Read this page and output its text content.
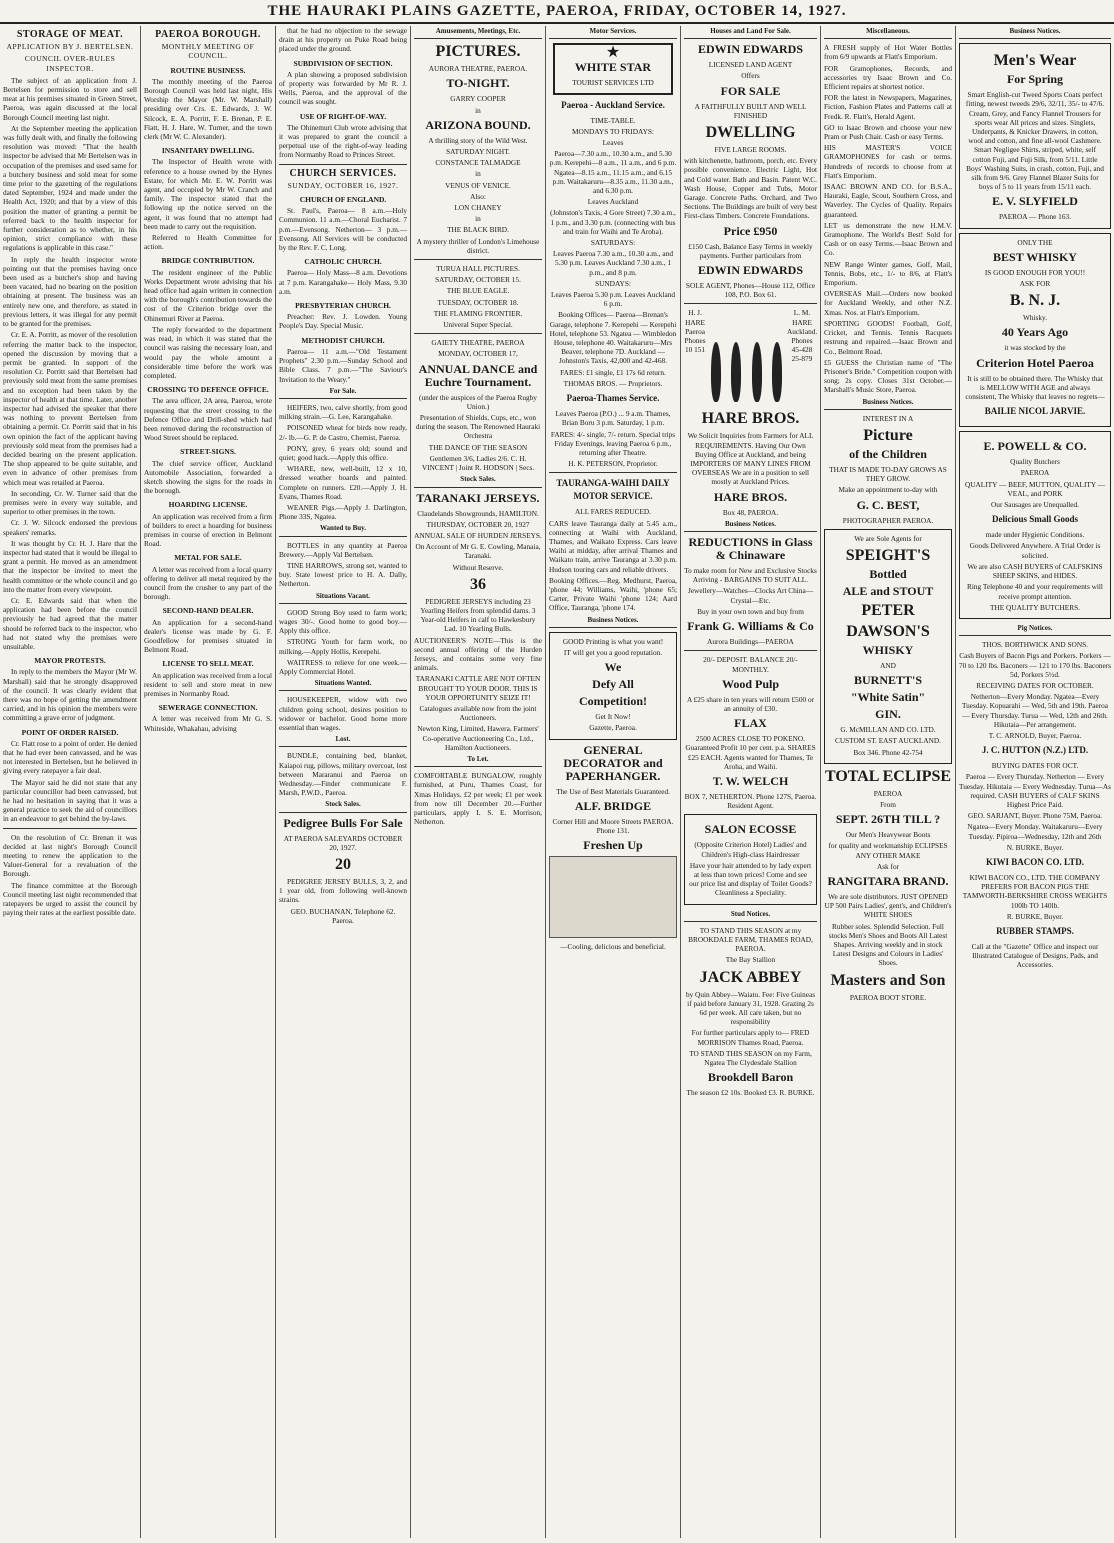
THE HAURAKI PLAINS GAZETTE, PAEROA, FRIDAY, OCTOBER 14, 1927.
STORAGE OF MEAT.
APPLICATION BY J. BERTELSEN.
COUNCIL OVER-RULES INSPECTOR.

The subject of an application from J. Bertelsen for permission to store and sell meat at his premises situated in Green Street, Paeroa, was again discussed at the local Borough Council meeting last night.

At the September meeting the application was fully dealt with, and finally the following resolution was moved: "That the health inspector be advised that Mr Bertelsen was in occupation of the premises and used same for a butchery business and sold meat for some time prior to the gazetting of the regulations dated September, 1924 and made under the Health Act, 1920; and that by a view of this position the matter of granting a permit be referred back to the health inspector for further consideration as to whether, in his opinion, strict compliance with these regulations is applicable in this case."

In reply the health inspector wrote pointing out that the premises having once been used as a butcher's shop and having been vacated, had no bearing on the position obtaining at present. The business was an entirely new one, and therefore, as stated in previous letters, it was illegal for any permit to be granted for the premises.

Cr. E. A. Porritt, as mover of the resolution referring the matter back to the inspector, opened the discussion by moving that a permit be granted. In support of the resolution Cr. Porritt said that Bertelsen had previously sold meat from the same premises and no exception had been taken by the inspector of health at that time. Later, another inspector had advised the speaker that there was nothing to prevent Bertelsen from obtaining a permit. Cr. Porritt said that in his own opinion the fact of the applicant having previously sold meat from the premises had a decided bearing on the present application. The shop appeared to be quite suitable, and even in advance of other premises from which meat was retailed at Paeroa.

In seconding, Cr. W. Turner said that the premises were in every way suitable, and superior to other premises in the town.

Cr. J. W. Silcock endorsed the previous speakers' remarks.

It was thought by Cr. H. J. Hare that the inspector had stated that it would be illegal to grant a permit. He moved as an amendment that the inspector be invited to meet the health committee or the whole council and go into the matter from every viewpoint.

Cr. E. Edwards said that when the application had been before the council previously he had agreed that the matter should be referred back to the inspector, who had not stated why the premises were unsuitable.

MAYOR PROTESTS.

In reply to the members the Mayor (Mr W. Marshall) said that he strongly disapproved of the council. It was clearly evident that there was no hope of getting the amendment carried, and in his opinion the members were committing a grave error of judgment.

POINT OF ORDER RAISED.

Cr. Flatt rose to a point of order. He denied that he had ever been canvassed, and he was not interested in Bertelsen, but he believed in giving every ratepayer a fair deal.

The Mayor said he did not state that any particular councillor had been canvassed, but he had no hesitation in saying that it was a general practice to seek the aid of councillors in an endeavour to get behind the by-laws.

On the resolution of Cr. Brenan it was decided at last night's Borough Council meeting to renew the application to the Valuer-General for a revaluation of the Borough.

The finance committee at the Borough Council meeting last night recommended that ratepayers be urged to assist the council by paying their rates at the earliest possible date.

PAEROA BOROUGH.
MONTHLY MEETING OF COUNCIL.
ROUTINE BUSINESS.

The monthly meeting of the Paeroa Borough Council was held last night, His Worship the Mayor (Mr. W. Marshall) presiding over Crs. E. Edwards, J. W. Silcock, E. A. Porritt, F. E. Brenan, P. E. Flatt, H. J. Hare, W. Turner, and the town clerk (Mr W. C. Alexander).

INSANITARY DWELLING.

The Inspector of Health wrote with reference to a house owned by the Hynes Estate, for which Mr. E. W. Porritt was agent, and occupied by Mr W. Cranch and family. The inspector stated that the following up the notice served on the agent, it was found that no attempt had been made to carry out the requisition.

Referred to Health Committee for action.

BRIDGE CONTRIBUTION.

The resident engineer of the Public Works Department wrote advising that his head office had again written in connection with the borough's contribution towards the cost of the Criterion bridge over the Ohinemuri River at Paeroa.

The reply forwarded to the department was read, in which it was stated that the council was raising the necessary loan, and would pay the whole amount a considerable time before the work was completed.

CROSSING TO DEFENCE OFFICE.

The area officer, 2A area, Paeroa, wrote requesting that the street crossing to the Defence Office and Drill-shed which had been removed during the reconstruction of Wood Street should be replaced.

STREET-SIGNS.

The chief service officer, Auckland Automobile Association, forwarded a sketch showing the signs for the roads in the borough.

HOARDING LICENSE.

An application was received from a firm of builders to erect a hoarding for business premises in course of erection in Belmont Road.

METAL FOR SALE.

A letter was received from a local quarry offering to deliver all metal required by the council from the crusher to any part of the borough.

SECOND-HAND DEALER.

An application for a second-hand dealer's license was made by G. F. Goodfellow for premises situated in Belmont Road.

LICENSE TO SELL MEAT.

An application was received from a local resident to sell and store meat in new premises in Normanby Road.

SEWERAGE CONNECTION.

A letter was received from Mr G. S. Whiteside, Whakahau, advising

that he had no objection to the sewage drain at his property on Puke Road being placed under the ground.

SUBDIVISION OF SECTION.

A plan showing a proposed subdivision of property was forwarded by Mr R. J. Wells, Paeroa, and the approval of the council was sought.

USE OF RIGHT-OF-WAY.

The Ohinemuri Club wrote advising that it was prepared to grant the council a perpetual use of the right-of-way leading from Normanby Road to Princes Street.

CHURCH SERVICES.
SUNDAY, OCTOBER 16, 1927.
CHURCH OF ENGLAND.

St. Paul's, Paeroa— 8 a.m.—Holy Communion. 11 a.m.—Choral Eucharist. 7 p.m.—Evensong. Netherton— 3 p.m.—Evensong. All Services will be conducted by the Rev. F. C. Long.

CATHOLIC CHURCH.

Paeroa— Holy Mass—8 a.m. Devotions at 7 p.m. Karangahake— Holy Mass, 9.30 a.m.

PRESBYTERIAN CHURCH.

Preacher: Rev. J. Lowden. Young People's Day. Special Music.

METHODIST CHURCH.

Paeroa— 11 a.m.—"Old Testament Prophets" 2.30 p.m.—Sunday School and Bible Class. 7 p.m.—"The Saviour's Invitation to the Weary."

For Sale.

HEIFERS, two, calve shortly, from good milking strain.—G. Lee, Karangahake.

POISONED wheat for birds now ready, 2/- lb.—G. P. de Castro, Chemist, Paeroa.

PONY, grey, 6 years old; sound and quiet; good hack.—Apply this office.

WHARE, new, well-built, 12 x 10, dressed weather boards and painted. Complete on runners. £20.—Apply J. H. Evans, Thames Road.

WEANER Pigs.—Apply J. Darlington, Phone 33S, Ngatea.

Wanted to Buy.

BOTTLES in any quantity at Paeroa Brewery.—Apply Val Bertelsen.

TINE HARROWS, strong set, wanted to buy. State lowest price to H. A. Dally, Netherton.

Situations Vacant.

GOOD Strong Boy used to farm work; wages 30/-. Good home to good boy.—Apply this office.

STRONG Youth for farm work, no milking.—Apply Hollis, Kerepehi.

WAITRESS to relieve for one week.—Apply Commercial Hotel.

Situations Wanted.

HOUSEKEEPER, widow with two children going school, desires position to widower or bachelor. Good home more essential than wages.

Lost.

BUNDLE, containing bed, blanket, Kaiapoi rug, pillows, military overcoat, lost between Mararanui and Paeroa on Wednesday.—Finder communicate F. Marsh, P.W.D., Paeroa.

Stock Sales.
Pedigree Bulls For Sale

AT PAEROA SALEYARDS OCTOBER 20, 1927.

20

PEDIGREE JERSEY BULLS, 3, 2, and 1 year old, from following well-known strains.

GEO. BUCHANAN, Telephone 62. Paeroa.

Amusements, Meetings, Etc.
PICTURES.

AURORA THEATRE, PAEROA.

TO-NIGHT.

GARRY COOPER

in

ARIZONA BOUND.

A thrilling story of the Wild West.

SATURDAY NIGHT.

CONSTANCE TALMADGE

in

VENUS OF VENICE.

Also:

LON CHANEY

in

THE BLACK BIRD.

A mystery thriller of London's Limehouse district.

TURUA HALL PICTURES.

SATURDAY, OCTOBER 15.

THE BLUE EAGLE.

TUESDAY, OCTOBER 18.

THE FLAMING FRONTIER.

Univeral Super Special.

GAIETY THEATRE, PAEROA

MONDAY, OCTOBER 17,

ANNUAL DANCE and Euchre Tournament.

(under the auspices of the Paeroa Rugby Union.)

Presentation of Shields, Cups, etc., won during the season. The Renowned Hauraki Orchestra

THE DANCE OF THE SEASON

Gentlemen 3/6, Ladies 2/6. C. H. VINCENT | Joint R. HODSON | Secs.

Stock Sales.
TARANAKI JERSEYS.

Claudelands Showgrounds, HAMILTON.

THURSDAY, OCTOBER 20, 1927

ANNUAL SALE OF HURDEN JERSEYS.

On Account of Mr G. E. Cowling, Manaia, Taranaki.

Without Reserve.

36

PEDIGREE JERSEYS including 23 Yearling Heifers from splendid dams. 3 Year-old Heifers in calf to Hawkesbury Lad. 10 Yearling Bulls.

AUCTIONEER'S NOTE—This is the second annual offering of the Hurden Jerseys, and contains some very fine animals.

TARANAKI CATTLE ARE NOT OFTEN BROUGHT TO YOUR DOOR. THIS IS YOUR OPPORTUNITY SEIZE IT!

Catalogues available now from the joint Auctioneers.

Newton King, Limited, Hawera. Farmers' Co-operative Auctioneering Co., Ltd., Hamilton Auctioneers.

To Let.

COMFORTABLE BUNGALOW, roughly furnished, at Puru, Thames Coast, for Xmas Holidays. £2 per week; £1 per week from now till December 20.—Further particulars, apply I. S. E. Morrison, Netherton.

Motor Services.
★
WHITE STAR

TOURIST SERVICES LTD

Paeroa - Auckland Service.

TIME-TABLE.

MONDAYS TO FRIDAYS:

Leaves

Paeroa—7.30 a.m., 10.30 a.m., and 5.30 p.m. Kerepehi—8 a.m., 11 a.m., and 6 p.m. Ngatea—8.15 a.m., 11.15 a.m., and 6.15 p.m. Waitakaruru—8.35 a.m., 11.30 a.m., and 6.30 p.m.

Leaves Auckland

(Johnston's Taxis, 4 Gore Street) 7.30 a.m., 1 p.m., and 3.30 p.m. (connecting with bus and train for Waihi and Te Aroha).

SATURDAYS:

Leaves Paeroa 7.30 a.m., 10.30 a.m., and 5.30 p.m. Leaves Auckland 7.30 a.m., 1 p.m., and 8 p.m.

SUNDAYS:

Leaves Paeroa 5.30 p.m. Leaves Auckland 6 p.m.

Booking Offices— Paeroa—Brenan's Garage, telephone 7. Kerepehi — Kerepehi Hotel, telephone 53. Ngatea — Wimbledon House, telephone 40. Waitakaruru—Mrs Beaver, telephone 7D. Auckland — Johnston's Taxis, 42,000 and 42-468.

FARES: £1 single, £1 17s 6d return.

THOMAS BROS. — Proprietors.

Paeroa-Thames Service.

Leaves Paeroa (P.O.) ... 9 a.m. Thames, Brian Boru 3 p.m. Saturday, 1 p.m.

FARES: 4/- single, 7/- return. Special trips Friday Evenings, leaving Paeroa 6 p.m., returning after Theatre.

H. K. PETERSON, Proprietor.

TAURANGA-WAIHI DAILY MOTOR SERVICE.

ALL FARES REDUCED.

CARS leave Tauranga daily at 5.45 a.m., connecting at Waihi with Auckland, Thames, and Waikato Express. Cars leave Waihi at midday, after arrival Thames and Waikato train, arrive Tauranga at 3.30 p.m. Hudson touring cars and reliable drivers.

Booking Offices.—Reg. Medhurst, Paeroa, 'phone 44; Williams, Waihi, 'phone 65; Carter, Private Waihi 'phone 124; Aard Office, Tauranga, 'phone 174.

Business Notices.

GOOD Printing is what you want!

IT will get you a good reputation.

We
Defy All
Competition!

Get It Now!

Gazette, Paeroa.

GENERAL DECORATOR and PAPERHANGER.

The Use of Best Materials Guaranteed.

ALF. BRIDGE

Corner Hill and Moore Streets PAEROA. Phone 131.

Freshen Up

—Cooling, delicious and beneficial.

Houses and Land For Sale.
EDWIN EDWARDS

LICENSED LAND AGENT

Offers

FOR SALE

A FAITHFULLY BUILT AND WELL FINISHED

DWELLING

FIVE LARGE ROOMS.

with kitchenette, bathroom, porch, etc. Every possible convenience. Electric Light, Hot and Cold water. Bath and Basin. Patent W.C. Wash House, Copper and Tubs, Motor Garage. Concrete Paths. Orchard, and Two Sections. The Buildings are built of very best First-class Timbers. Concrete Foundations.

Price £950

£150 Cash, Balance Easy Terms in weekly payments. Further particulars from

EDWIN EDWARDS

SOLE AGENT, Phones—House 112, Office 108, P.O. Box 61.

H. J. HARE Paeroa Phones 10 151

L. M. HARE Auckland. Phones 45-428 25-879

HARE BROS.

We Solicit Inquiries from Farmers for ALL REQUIREMENTS. Having Our Own Buying Office at Auckland, and being IMPORTERS OF MANY LINES FROM OVERSEAS We are in a position to sell mostly at Auckland Prices.

HARE BROS.

Box 48, PAEROA.

Business Notices.
REDUCTIONS in Glass & Chinaware

To make room for New and Exclusive Stocks Arriving - BARGAINS TO SUIT ALL.

Jewellery—Watches—Clocks Art China—Crystal—Etc.

Buy in your own town and buy from

Frank G. Williams & Co

Aurora Buildings—PAEROA

20/- DEPOSIT. BALANCE 20/- MONTHLY.

Wood Pulp

A £25 share in ten years will return £500 or an annuity of £30.

FLAX

2500 ACRES CLOSE TO POKENO. Guaranteed Profit 10 per cent. p.a. SHARES £25 EACH. Agents wanted for Thames, Te Aroha, and Waihi.

T. W. WELCH

BOX 7, NETHERTON. Phone 127S, Paeroa. Resident Agent.

SALON ECOSSE

(Opposite Criterion Hotel) Ladies' and Children's High-class Hairdresser

Have your hair attended to by lady expert at less than town prices! Come and see our price list and display of Toilet Goods? Cleanliness a Speciality.

Stud Notices.

TO STAND THIS SEASON at my BROOKDALE FARM, THAMES ROAD, PAEROA.

The Bay Stallion

JACK ABBEY

by Quin Abbey—Waiatu. Fee: Five Guineas if paid before January 31, 1928. Grazing 2s 6d per week. All care taken, but no responsibility

For further particulars apply to— FRED MORRISON Thames Road, Paeroa.

TO STAND THIS SEASON on my Farm, Ngatea The Clydesdale Stallion

Brookdell Baron

The season £2 10s. Booked £3. R. BURKE.

Miscellaneous.

A FRESH supply of Hot Water Bottles from 6/9 upwards at Flatt's Emporium.

FOR Gramophones, Records, and accessories try Isaac Brown and Co. Efficient repairs at shortest notice.

FOR the latest in Newspapers, Magazines, Fiction, Fashion Plates and Patterns call at Fredk. R. Flatt's, Herald Agent.

GO to Isaac Brown and choose your new Pram or Push Chair. Cash or easy Terms.

HIS MASTER'S VOICE GRAMOPHONES for cash or terms. Hundreds of records to choose from at Flatt's Emporium.

ISAAC BROWN AND CO. for B.S.A., Hauraki, Eagle, Scout, Southern Cross, and Waverley. The Cycles of Quality. Repairs guaranteed.

LET us demonstrate the new H.M.V. Gramophone. The World's Best! Sold for Cash or on easy Terms.—Isaac Brown and Co.

NEW Range Winter games, Golf, Mail, Tennis, Bobs, etc., 1/- to 8/6, at Flatt's Emporium.

OVERSEAS Mail.—Orders now booked for Auckland Weekly, and other N.Z. Xmas. Nos. at Flatt's Emporium.

SPORTING GOODS! Football, Golf, Cricket, and Tennis. Tennis Racquets restrung and repaired.—Isaac Brown and Co., Belmont Road.

£5 GUESS the Christian name of "The Prisoner's Bride." Competition coupon with song; 2s copy. Closes 31st October.—Marshall's Music Store, Paeroa.

Business Notices.

INTEREST IN A

Picture
of the Children

THAT IS MADE TO-DAY GROWS AS THEY GROW.

Make an appointment to-day with

G. C. BEST,

PHOTOGRAPHER PAEROA.

We are Sole Agents for

SPEIGHT'S
Bottled
ALE and STOUT
PETER
DAWSON'S
WHISKY

AND

BURNETT'S
"White Satin"
GIN.

G. McMILLAN AND CO. LTD.

CUSTOM ST. EAST AUCKLAND.

Box 346. Phone 42-754

TOTAL ECLIPSE

PAEROA

From

SEPT. 26TH TILL ?

Our Men's Heavywear Boots

for quality and workmanship ECLIPSES ANY OTHER MAKE

Ask for

RANGITARA BRAND.

We are sole distributors. JUST OPENED UP 500 Pairs Ladies', gent's, and Children's WHITE SHOES

Rubber soles. Splendid Selection. Full stocks Men's Shoes and Boots All Latest Shapes. Arriving weekly and in stock Latest Designs and Colours in Ladies' Shoes.

Masters and Son

PAEROA BOOT STORE.

Business Notices.
Men's Wear
For Spring

Smart English-cut Tweed Sports Coats perfect fitting, newest tweeds 29/6, 32/11, 35/- to 47/6. Cream, Grey, and Fancy Flannel Trousers for sports wear All prices and sizes. Singlets, Underpants, & Knicker Drawers, in cotton, wool and cotton, and fine all-wool Cashmere. Smart Negligee Shirts, striped, white, self cotton Fuji, and Fuji Silk, from 5/11. Little Boys' Washing Suits, in crash, cotton, Fuji, and silk from 9/6. Grey Flannel Blazer Suits for boys of 5 to 11 years from 15/11 each.

E. V. SLYFIELD

PAEROA — Phone 163.

ONLY THE

BEST WHISKY

IS GOOD ENOUGH FOR YOU!!

ASK FOR

B. N. J.

Whisky.

40 Years Ago

it was stocked by the

Criterion Hotel Paeroa

It is still to be obtained there. The Whisky that is MELLOW WITH AGE and always consistent, The Whisky that leaves no regrets—

BAILIE NICOL JARVIE.
E. POWELL & CO.

Quality Butchers

PAEROA

QUALITY — BEEF, MUTTON, QUALITY — VEAL, and PORK

Our Sausages are Unequalled.

Delicious Small Goods

made under Hygienic Conditions.

Goods Delivered Anywhere. A Trial Order is solicited.

We are also CASH BUYERS of CALFSKINS SHEEP SKINS, and HIDES.

Ring Telephone 40 and your requirements will receive prompt attention.

THE QUALITY BUTCHERS.

Pig Notices.

THOS. BORTHWICK AND SONS.

Cash Buyers of Bacon Pigs and Porkers. Porkers — 70 to 120 lbs. Baconers — 121 to 170 lbs. Baconers 5d, Porkers 5½d.

RECEIVING DATES FOR OCTOBER.

Netherton—Every Monday. Ngatea—Every Tuesday. Kopuarahi — Wed, 5th and 19th. Paeroa — Every Thursday. Turua — Wed, 12th and 26th. Hikutaia—Per arrangement.

T. C. ARNOLD, Buyer, Paeroa.

J. C. HUTTON (N.Z.) LTD.

BUYING DATES FOR OCT.

Paeroa — Every Thursday. Netherton — Every Tuesday. Hikutaia — Every Wednesday. Turua—As required. CASH BUYERS of CALF SKINS Highest Price Paid.

GEO. SARJANT, Buyer. Phone 75M, Paeroa.

Ngatea—Every Monday. Waitakaruru—Every Tuesday. Pipiroa—Wednesday, 12th and 26th

N. BURKE, Buyer.

KIWI BACON CO. LTD.

KIWI BACON CO., LTD. THE COMPANY PREFERS FOR BACON PIGS THE TAMWORTH-BERKSHIRE CROSS WEIGHTS 100lb TO 140lb.

R. BURKE, Buyer.

RUBBER STAMPS.

Call at the "Gazette" Office and inspect our Illustrated Catalogue of Designs, Pads, and Accessories.
